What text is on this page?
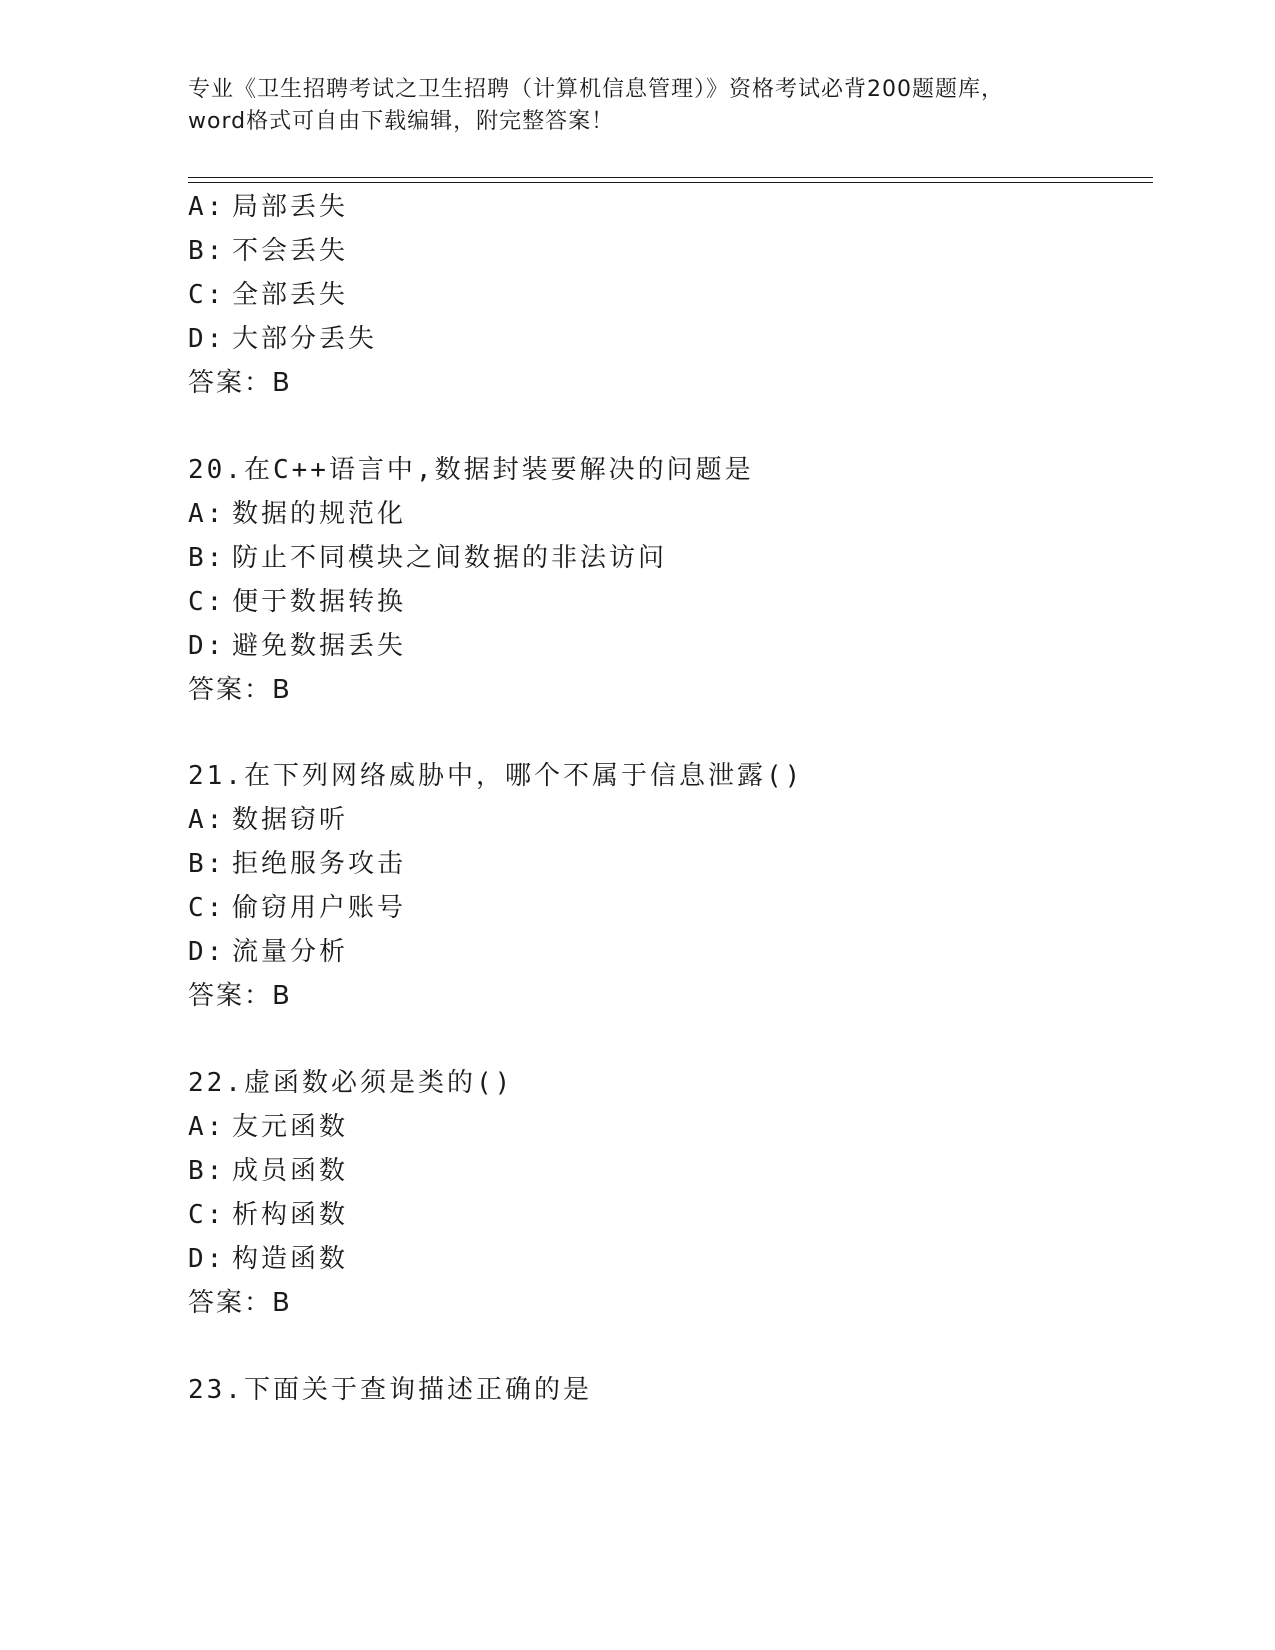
专业《卫生招聘考试之卫生招聘（计算机信息管理）》资格考试必背200题题库，
word格式可自由下载编辑，附完整答案！
A: 局部丢失
B: 不会丢失
C: 全部丢失
D: 大部分丢失
答案：B
20.在C++语言中,数据封装要解决的问题是
A: 数据的规范化
B: 防止不同模块之间数据的非法访问
C: 便于数据转换
D: 避免数据丢失
答案：B
21.在下列网络威胁中，哪个不属于信息泄露()
A: 数据窃听
B: 拒绝服务攻击
C: 偷窃用户账号
D: 流量分析
答案：B
22.虚函数必须是类的()
A: 友元函数
B: 成员函数
C: 析构函数
D: 构造函数
答案：B
23.下面关于查询描述正确的是
